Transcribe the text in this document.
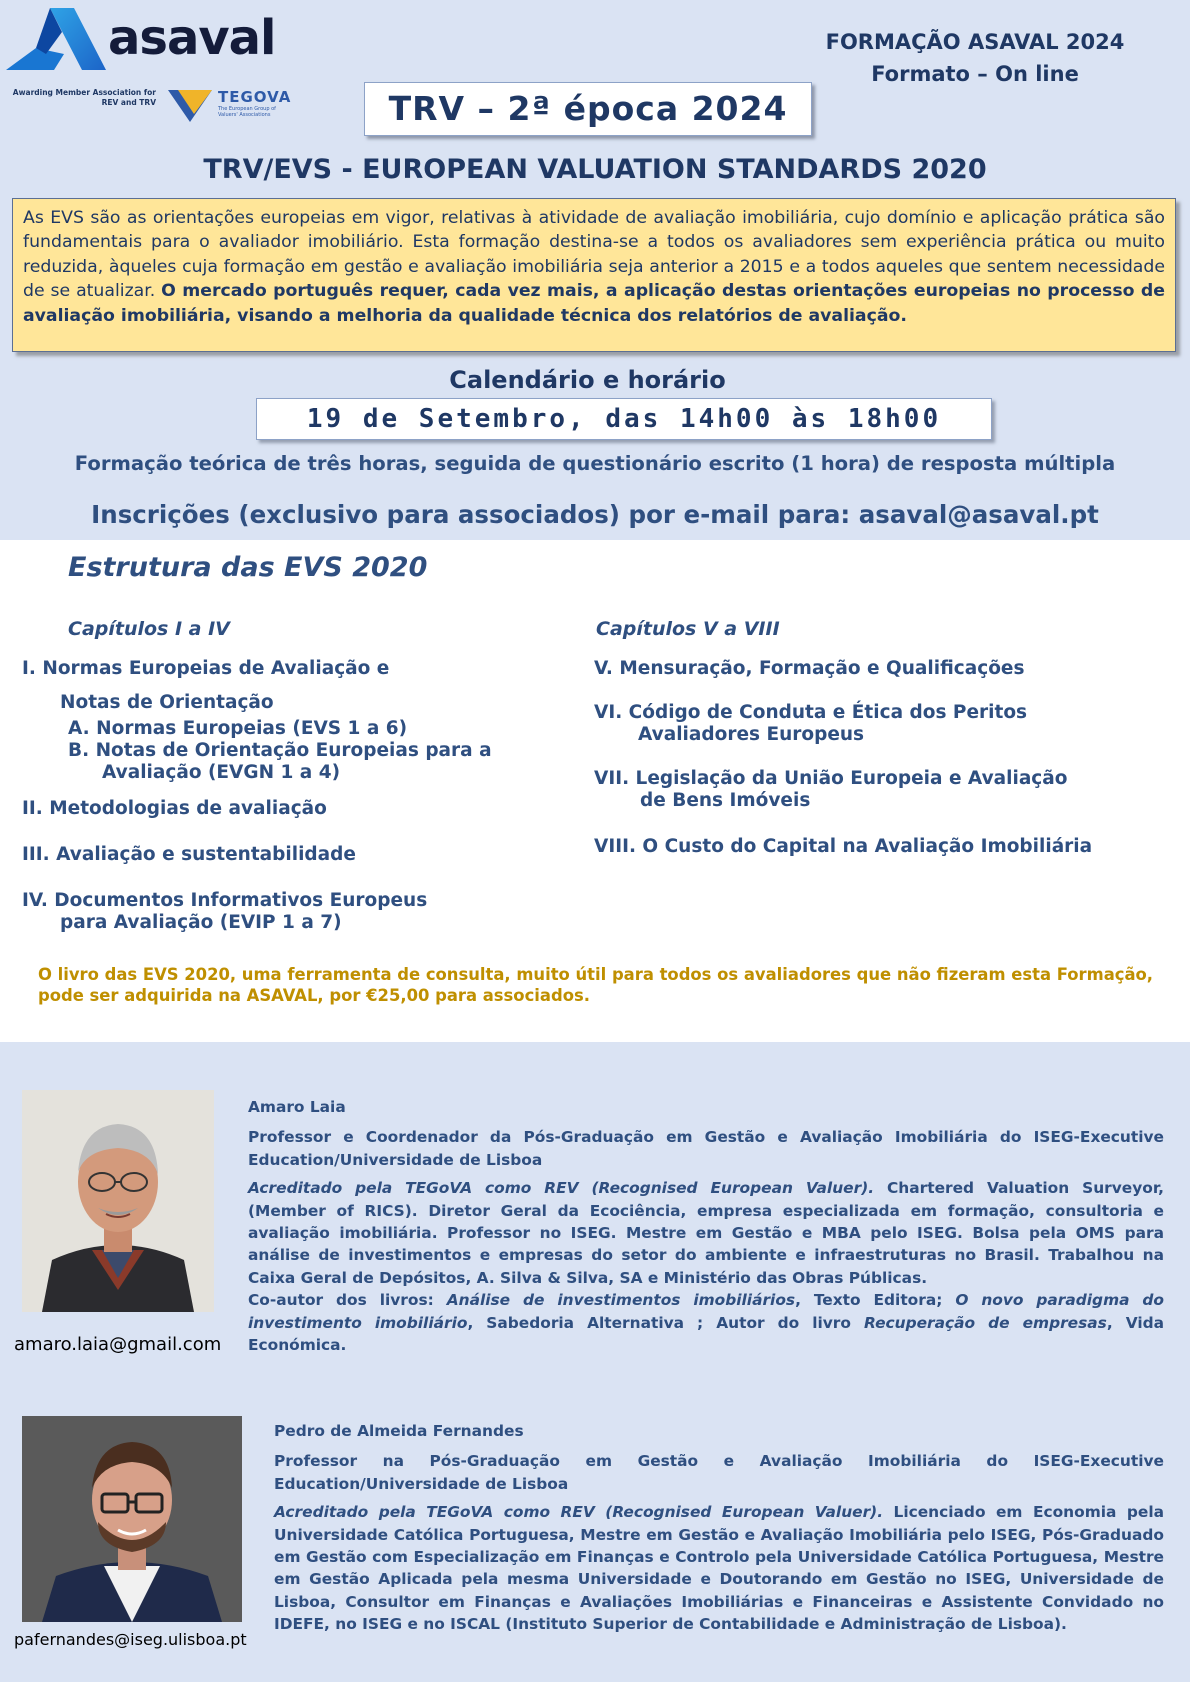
asaval
Awarding Member Association for REV and TRV	TEGOVA
The European Group of Valuers' Associations
FORMAÇÃO ASAVAL 2024
Formato – On line
TRV – 2ª época 2024
TRV/EVS - EUROPEAN VALUATION STANDARDS 2020
As EVS são as orientações europeias em vigor, relativas à atividade de avaliação imobiliária, cujo domínio e aplicação prática são fundamentais para o avaliador imobiliário. Esta formação destina-se a todos os avaliadores sem experiência prática ou muito reduzida, àqueles cuja formação em gestão e avaliação imobiliária seja anterior a 2015 e a todos aqueles que sentem necessidade de se atualizar. O mercado português requer, cada vez mais, a aplicação destas orientações europeias no processo de avaliação imobiliária, visando a melhoria da qualidade técnica dos relatórios de avaliação.
Calendário e horário
19 de Setembro, das 14h00 às 18h00
Formação teórica de três horas, seguida de questionário escrito (1 hora) de resposta múltipla
Inscrições (exclusivo para associados) por e-mail para: asaval@asaval.pt
Estrutura das EVS 2020
Capítulos I a IV	Capítulos V a VIII
I. Normas Europeias de Avaliação e
Notas de Orientação
A. Normas Europeias (EVS 1 a 6)
B. Notas de Orientação Europeias para a
Avaliação (EVGN 1 a 4)
II. Metodologias de avaliação
III. Avaliação e sustentabilidade
IV. Documentos Informativos Europeus
para Avaliação (EVIP 1 a 7)
V. Mensuração, Formação e Qualificações
VI. Código de Conduta e Ética dos Peritos
Avaliadores Europeus
VII. Legislação da União Europeia e Avaliação
de Bens Imóveis
VIII. O Custo do Capital na Avaliação Imobiliária
O livro das EVS 2020, uma ferramenta de consulta, muito útil para todos os avaliadores que não fizeram esta Formação, pode ser adquirida na ASAVAL, por €25,00 para associados.
amaro.laia@gmail.com
Amaro Laia
Professor e Coordenador da Pós-Graduação em Gestão e Avaliação Imobiliária do ISEG-Executive Education/Universidade de Lisboa
Acreditado pela TEGoVA como REV (Recognised European Valuer). Chartered Valuation Surveyor, (Member of RICS). Diretor Geral da Ecociência, empresa especializada em formação, consultoria e avaliação imobiliária. Professor no ISEG. Mestre em Gestão e MBA pelo ISEG. Bolsa pela OMS para análise de investimentos e empresas do setor do ambiente e infraestruturas no Brasil. Trabalhou na Caixa Geral de Depósitos, A. Silva & Silva, SA e Ministério das Obras Públicas.
Co-autor dos livros: Análise de investimentos imobiliários, Texto Editora; O novo paradigma do investimento imobiliário, Sabedoria Alternativa ; Autor do livro Recuperação de empresas, Vida Económica.
pafernandes@iseg.ulisboa.pt
Pedro de Almeida Fernandes
Professor na Pós-Graduação em Gestão e Avaliação Imobiliária do ISEG-Executive Education/Universidade de Lisboa
Acreditado pela TEGoVA como REV (Recognised European Valuer). Licenciado em Economia pela Universidade Católica Portuguesa, Mestre em Gestão e Avaliação Imobiliária pelo ISEG, Pós-Graduado em Gestão com Especialização em Finanças e Controlo pela Universidade Católica Portuguesa, Mestre em Gestão Aplicada pela mesma Universidade e Doutorando em Gestão no ISEG, Universidade de Lisboa, Consultor em Finanças e Avaliações Imobiliárias e Financeiras e Assistente Convidado no IDEFE, no ISEG e no ISCAL (Instituto Superior de Contabilidade e Administração de Lisboa).
